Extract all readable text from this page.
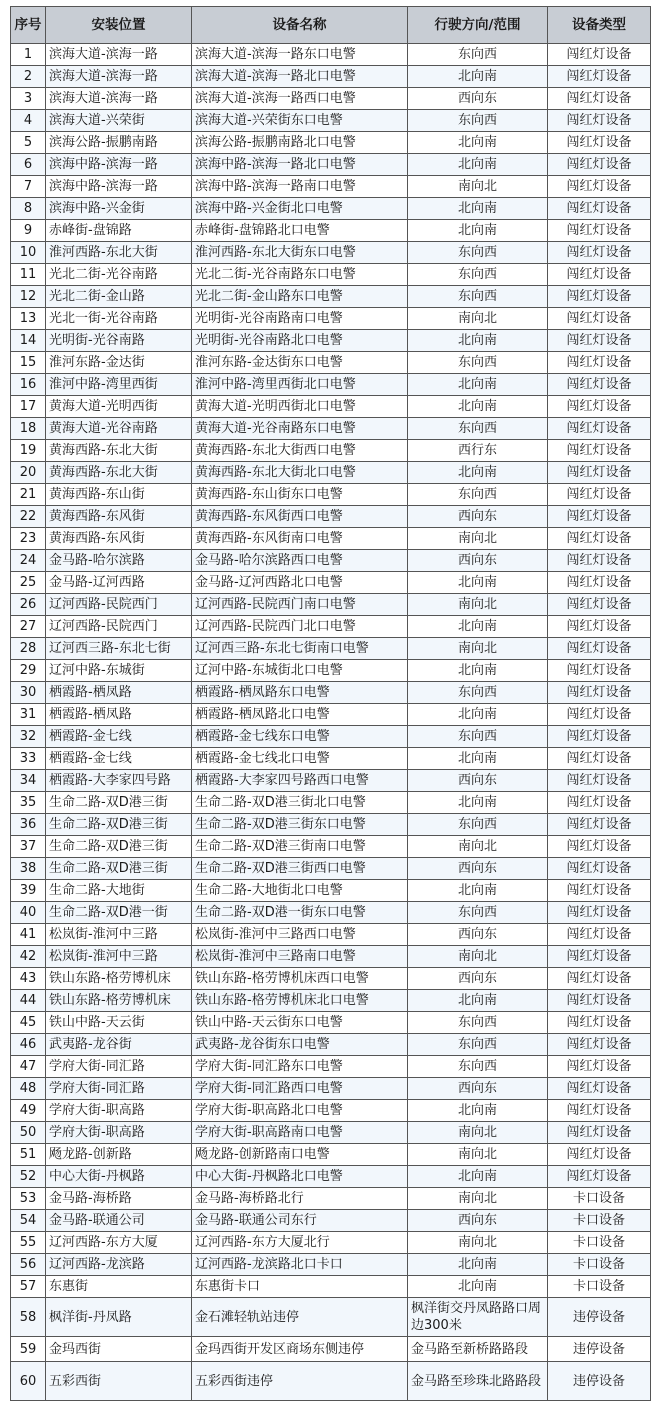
序号	安装位置	设备名称	行驶方向/范围	设备类型
1	滨海大道-滨海一路	滨海大道-滨海一路东口电警	东向西	闯红灯设备
2	滨海大道-滨海一路	滨海大道-滨海一路北口电警	北向南	闯红灯设备
3	滨海大道-滨海一路	滨海大道-滨海一路西口电警	西向东	闯红灯设备
4	滨海大道-兴荣街	滨海大道-兴荣街东口电警	东向西	闯红灯设备
5	滨海公路-振鹏南路	滨海公路-振鹏南路北口电警	北向南	闯红灯设备
6	滨海中路-滨海一路	滨海中路-滨海一路北口电警	北向南	闯红灯设备
7	滨海中路-滨海一路	滨海中路-滨海一路南口电警	南向北	闯红灯设备
8	滨海中路-兴金街	滨海中路-兴金街北口电警	北向南	闯红灯设备
9	赤峰街-盘锦路	赤峰街-盘锦路北口电警	北向南	闯红灯设备
10	淮河西路-东北大街	淮河西路-东北大街东口电警	东向西	闯红灯设备
11	光北二街-光谷南路	光北二街-光谷南路东口电警	东向西	闯红灯设备
12	光北二街-金山路	光北二街-金山路东口电警	东向西	闯红灯设备
13	光北一街-光谷南路	光明街-光谷南路南口电警	南向北	闯红灯设备
14	光明街-光谷南路	光明街-光谷南路北口电警	北向南	闯红灯设备
15	淮河东路-金达街	淮河东路-金达街东口电警	东向西	闯红灯设备
16	淮河中路-湾里西街	淮河中路-湾里西街北口电警	北向南	闯红灯设备
17	黄海大道-光明西街	黄海大道-光明西街北口电警	北向南	闯红灯设备
18	黄海大道-光谷南路	黄海大道-光谷南路东口电警	东向西	闯红灯设备
19	黄海西路-东北大街	黄海西路-东北大街西口电警	西行东	闯红灯设备
20	黄海西路-东北大街	黄海西路-东北大街北口电警	北向南	闯红灯设备
21	黄海西路-东山街	黄海西路-东山街东口电警	东向西	闯红灯设备
22	黄海西路-东风街	黄海西路-东风街西口电警	西向东	闯红灯设备
23	黄海西路-东风街	黄海西路-东风街南口电警	南向北	闯红灯设备
24	金马路-哈尔滨路	金马路-哈尔滨路西口电警	西向东	闯红灯设备
25	金马路-辽河西路	金马路-辽河西路北口电警	北向南	闯红灯设备
26	辽河西路-民院西门	辽河西路-民院西门南口电警	南向北	闯红灯设备
27	辽河西路-民院西门	辽河西路-民院西门北口电警	北向南	闯红灯设备
28	辽河西三路-东北七街	辽河西三路-东北七街南口电警	南向北	闯红灯设备
29	辽河中路-东城街	辽河中路-东城街北口电警	北向南	闯红灯设备
30	栖霞路-栖凤路	栖霞路-栖凤路东口电警	东向西	闯红灯设备
31	栖霞路-栖凤路	栖霞路-栖凤路北口电警	北向南	闯红灯设备
32	栖霞路-金七线	栖霞路-金七线东口电警	东向西	闯红灯设备
33	栖霞路-金七线	栖霞路-金七线北口电警	北向南	闯红灯设备
34	栖霞路-大李家四号路	栖霞路-大李家四号路西口电警	西向东	闯红灯设备
35	生命二路-双D港三街	生命二路-双D港三街北口电警	北向南	闯红灯设备
36	生命二路-双D港三街	生命二路-双D港三街东口电警	东向西	闯红灯设备
37	生命二路-双D港三街	生命二路-双D港三街南口电警	南向北	闯红灯设备
38	生命二路-双D港三街	生命二路-双D港三街西口电警	西向东	闯红灯设备
39	生命二路-大地街	生命二路-大地街北口电警	北向南	闯红灯设备
40	生命二路-双D港一街	生命二路-双D港一街东口电警	东向西	闯红灯设备
41	松岚街-淮河中三路	松岚街-淮河中三路西口电警	西向东	闯红灯设备
42	松岚街-淮河中三路	松岚街-淮河中三路南口电警	南向北	闯红灯设备
43	铁山东路-格劳博机床	铁山东路-格劳博机床西口电警	西向东	闯红灯设备
44	铁山东路-格劳博机床	铁山东路-格劳博机床北口电警	北向南	闯红灯设备
45	铁山中路-天云街	铁山中路-天云街东口电警	东向西	闯红灯设备
46	武夷路-龙谷街	武夷路-龙谷街东口电警	东向西	闯红灯设备
47	学府大街-同汇路	学府大街-同汇路东口电警	东向西	闯红灯设备
48	学府大街-同汇路	学府大街-同汇路西口电警	西向东	闯红灯设备
49	学府大街-职高路	学府大街-职高路北口电警	北向南	闯红灯设备
50	学府大街-职高路	学府大街-职高路南口电警	南向北	闯红灯设备
51	飏龙路-创新路	飏龙路-创新路南口电警	南向北	闯红灯设备
52	中心大街-丹枫路	中心大街-丹枫路北口电警	北向南	闯红灯设备
53	金马路-海桥路	金马路-海桥路北行	南向北	卡口设备
54	金马路-联通公司	金马路-联通公司东行	西向东	卡口设备
55	辽河西路-东方大厦	辽河西路-东方大厦北行	南向北	卡口设备
56	辽河西路-龙滨路	辽河西路-龙滨路北口卡口	北向南	卡口设备
57	东惠街	东惠街卡口	北向南	卡口设备
58	枫洋街-丹凤路	金石滩轻轨站违停	枫洋街交丹凤路路口周边300米	违停设备
59	金玛西街	金玛西街开发区商场东侧违停	金马路至新桥路路段	违停设备
60	五彩西街	五彩西街违停	金马路至珍珠北路路段	违停设备
